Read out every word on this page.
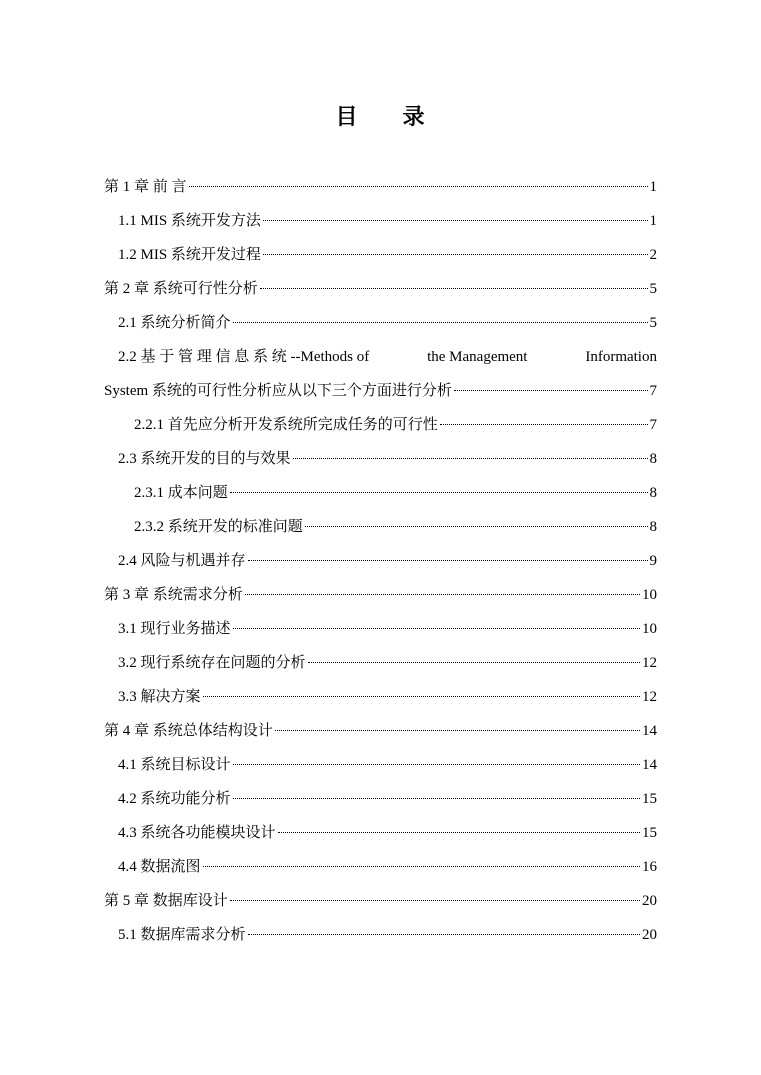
目 录
第 1 章 前 言	1
1.1 MIS 系统开发方法	1
1.2 MIS 系统开发过程	2
第 2 章 系统可行性分析	5
2.1 系统分析简介	5
2.2 基 于 管 理 信 息 系 统 --Methods of	the Management	Information
System 系统的可行性分析应从以下三个方面进行分析	7
2.2.1 首先应分析开发系统所完成任务的可行性	7
2.3 系统开发的目的与效果	8
2.3.1 成本问题	8
2.3.2 系统开发的标准问题	8
2.4 风险与机遇并存	9
第 3 章 系统需求分析	10
3.1 现行业务描述	10
3.2 现行系统存在问题的分析	12
3.3 解决方案	12
第 4 章 系统总体结构设计	14
4.1 系统目标设计	14
4.2 系统功能分析	15
4.3 系统各功能模块设计	15
4.4 数据流图	16
第 5 章 数据库设计	20
5.1 数据库需求分析	20
